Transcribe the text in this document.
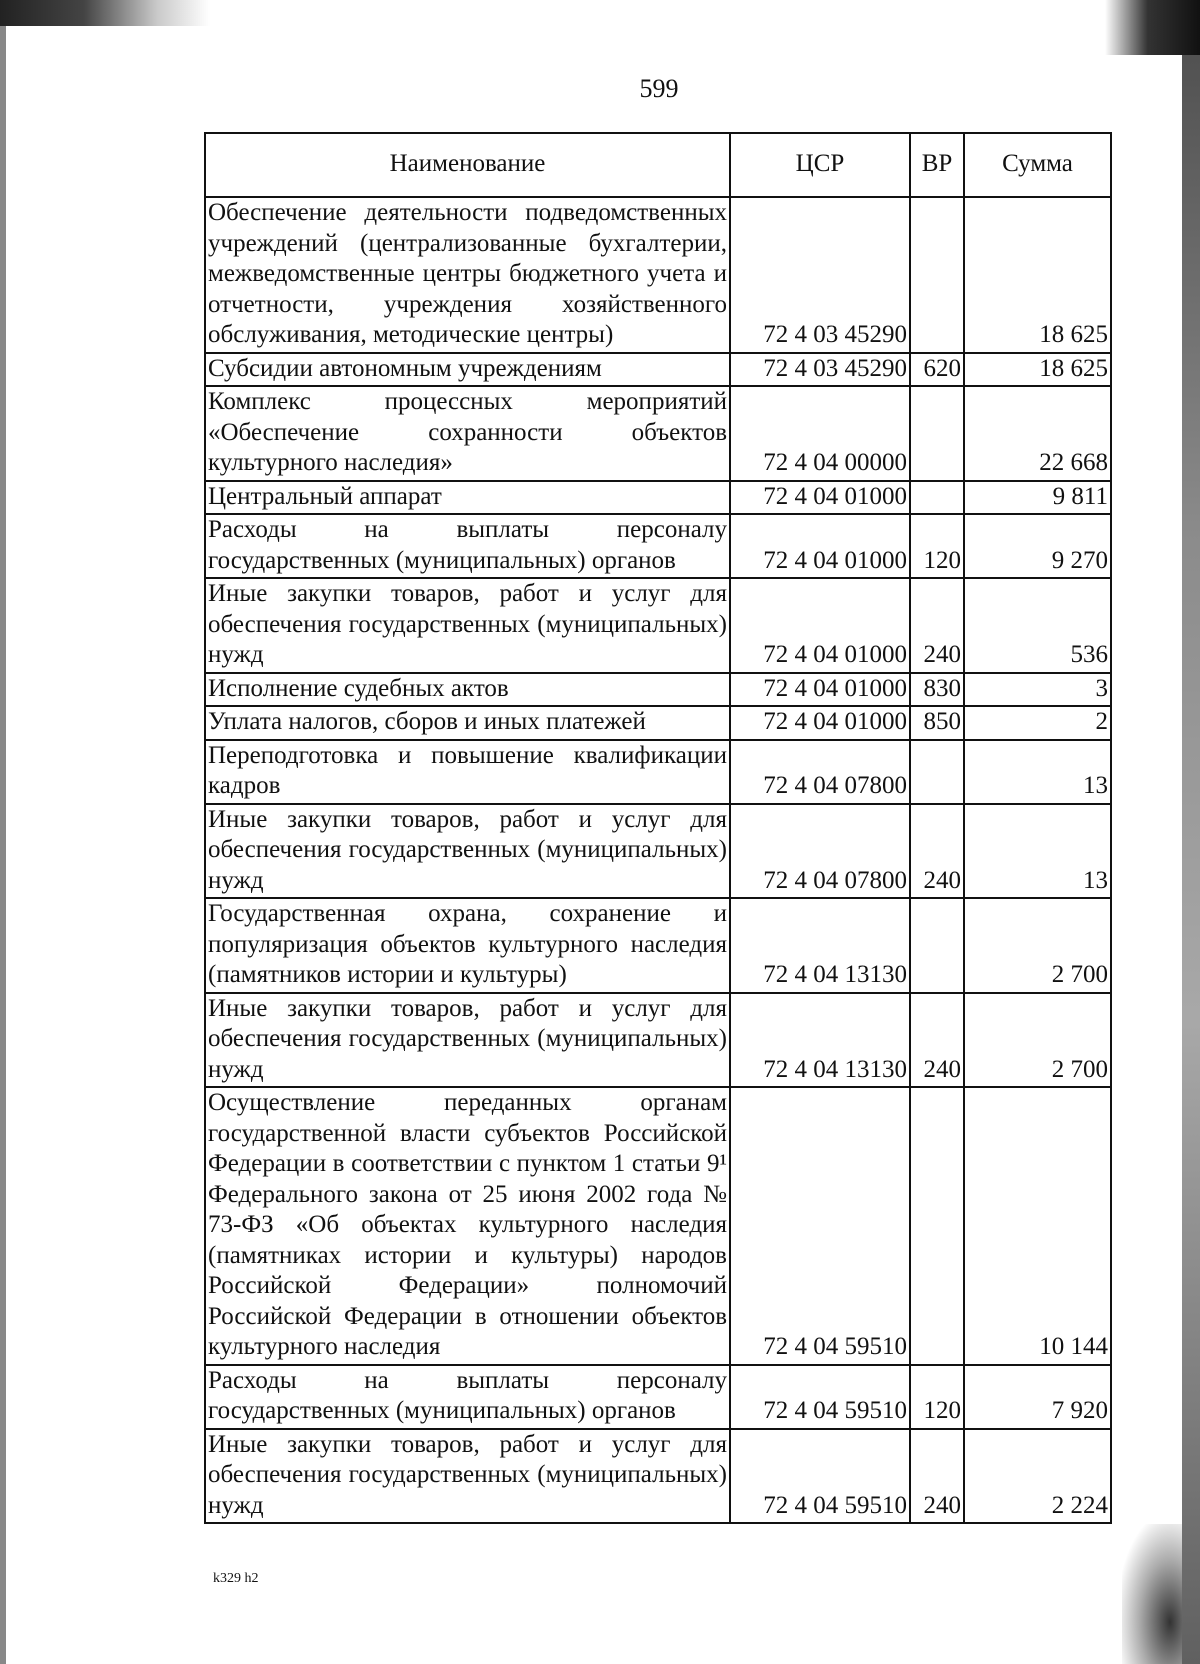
599
Наименование	ЦСР	ВР	Сумма
Обеспечение деятельности подведомственных учреждений (централизованные бухгалтерии, межведомственные центры бюджетного учета и отчетности, учреждения хозяйственного обслуживания, методические центры)	72 4 03 45290		18 625
Субсидии автономным учреждениям	72 4 03 45290	620	18 625
Комплекс процессных мероприятий «Обеспечение сохранности объектов культурного наследия»	72 4 04 00000		22 668
Центральный аппарат	72 4 04 01000		9 811
Расходы на выплаты персоналу государственных (муниципальных) органов	72 4 04 01000	120	9 270
Иные закупки товаров, работ и услуг для обеспечения государственных (муниципальных) нужд	72 4 04 01000	240	536
Исполнение судебных актов	72 4 04 01000	830	3
Уплата налогов, сборов и иных платежей	72 4 04 01000	850	2
Переподготовка и повышение квалификации кадров	72 4 04 07800		13
Иные закупки товаров, работ и услуг для обеспечения государственных (муниципальных) нужд	72 4 04 07800	240	13
Государственная охрана, сохранение и популяризация объектов культурного наследия (памятников истории и культуры)	72 4 04 13130		2 700
Иные закупки товаров, работ и услуг для обеспечения государственных (муниципальных) нужд	72 4 04 13130	240	2 700
Осуществление переданных органам государственной власти субъектов Российской Федерации в соответствии с пунктом 1 статьи 9¹ Федерального закона от 25 июня 2002 года № 73-ФЗ «Об объектах культурного наследия (памятниках истории и культуры) народов Российской Федерации» полномочий Российской Федерации в отношении объектов культурного наследия	72 4 04 59510		10 144
Расходы на выплаты персоналу государственных (муниципальных) органов	72 4 04 59510	120	7 920
Иные закупки товаров, работ и услуг для обеспечения государственных (муниципальных) нужд	72 4 04 59510	240	2 224
k329 h2
